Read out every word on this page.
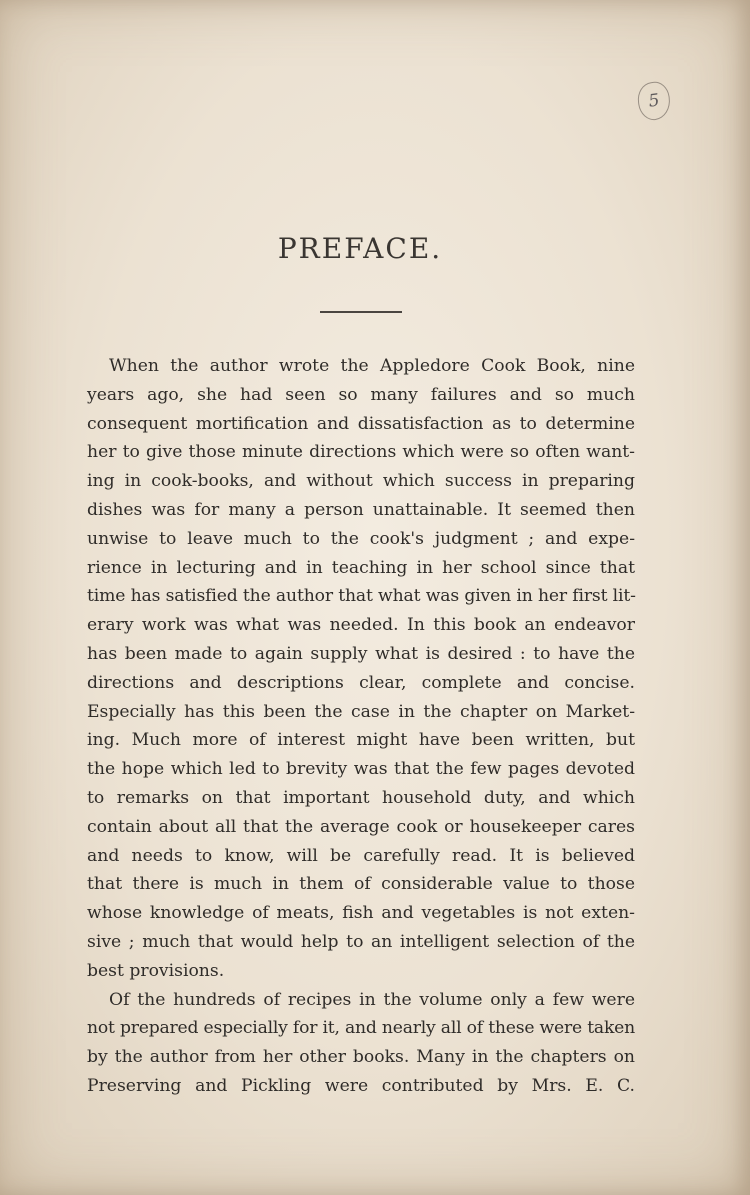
5
PREFACE.
When the author wrote the Appledore Cook Book, nine
years ago, she had seen so many failures and so much
consequent mortification and dissatisfaction as to determine
her to give those minute directions which were so often want-
ing in cook-books, and without which success in preparing
dishes was for many a person unattainable. It seemed then
unwise to leave much to the cook's judgment ; and expe-
rience in lecturing and in teaching in her school since that
time has satisfied the author that what was given in her first lit-
erary work was what was needed. In this book an endeavor
has been made to again supply what is desired : to have the
directions and descriptions clear, complete and concise.
Especially has this been the case in the chapter on Market-
ing. Much more of interest might have been written, but
the hope which led to brevity was that the few pages devoted
to remarks on that important household duty, and which
contain about all that the average cook or housekeeper cares
and needs to know, will be carefully read. It is believed
that there is much in them of considerable value to those
whose knowledge of meats, fish and vegetables is not exten-
sive ; much that would help to an intelligent selection of the
best provisions.
Of the hundreds of recipes in the volume only a few were
not prepared especially for it, and nearly all of these were taken
by the author from her other books. Many in the chapters on
Preserving and Pickling were contributed by Mrs. E. C.
